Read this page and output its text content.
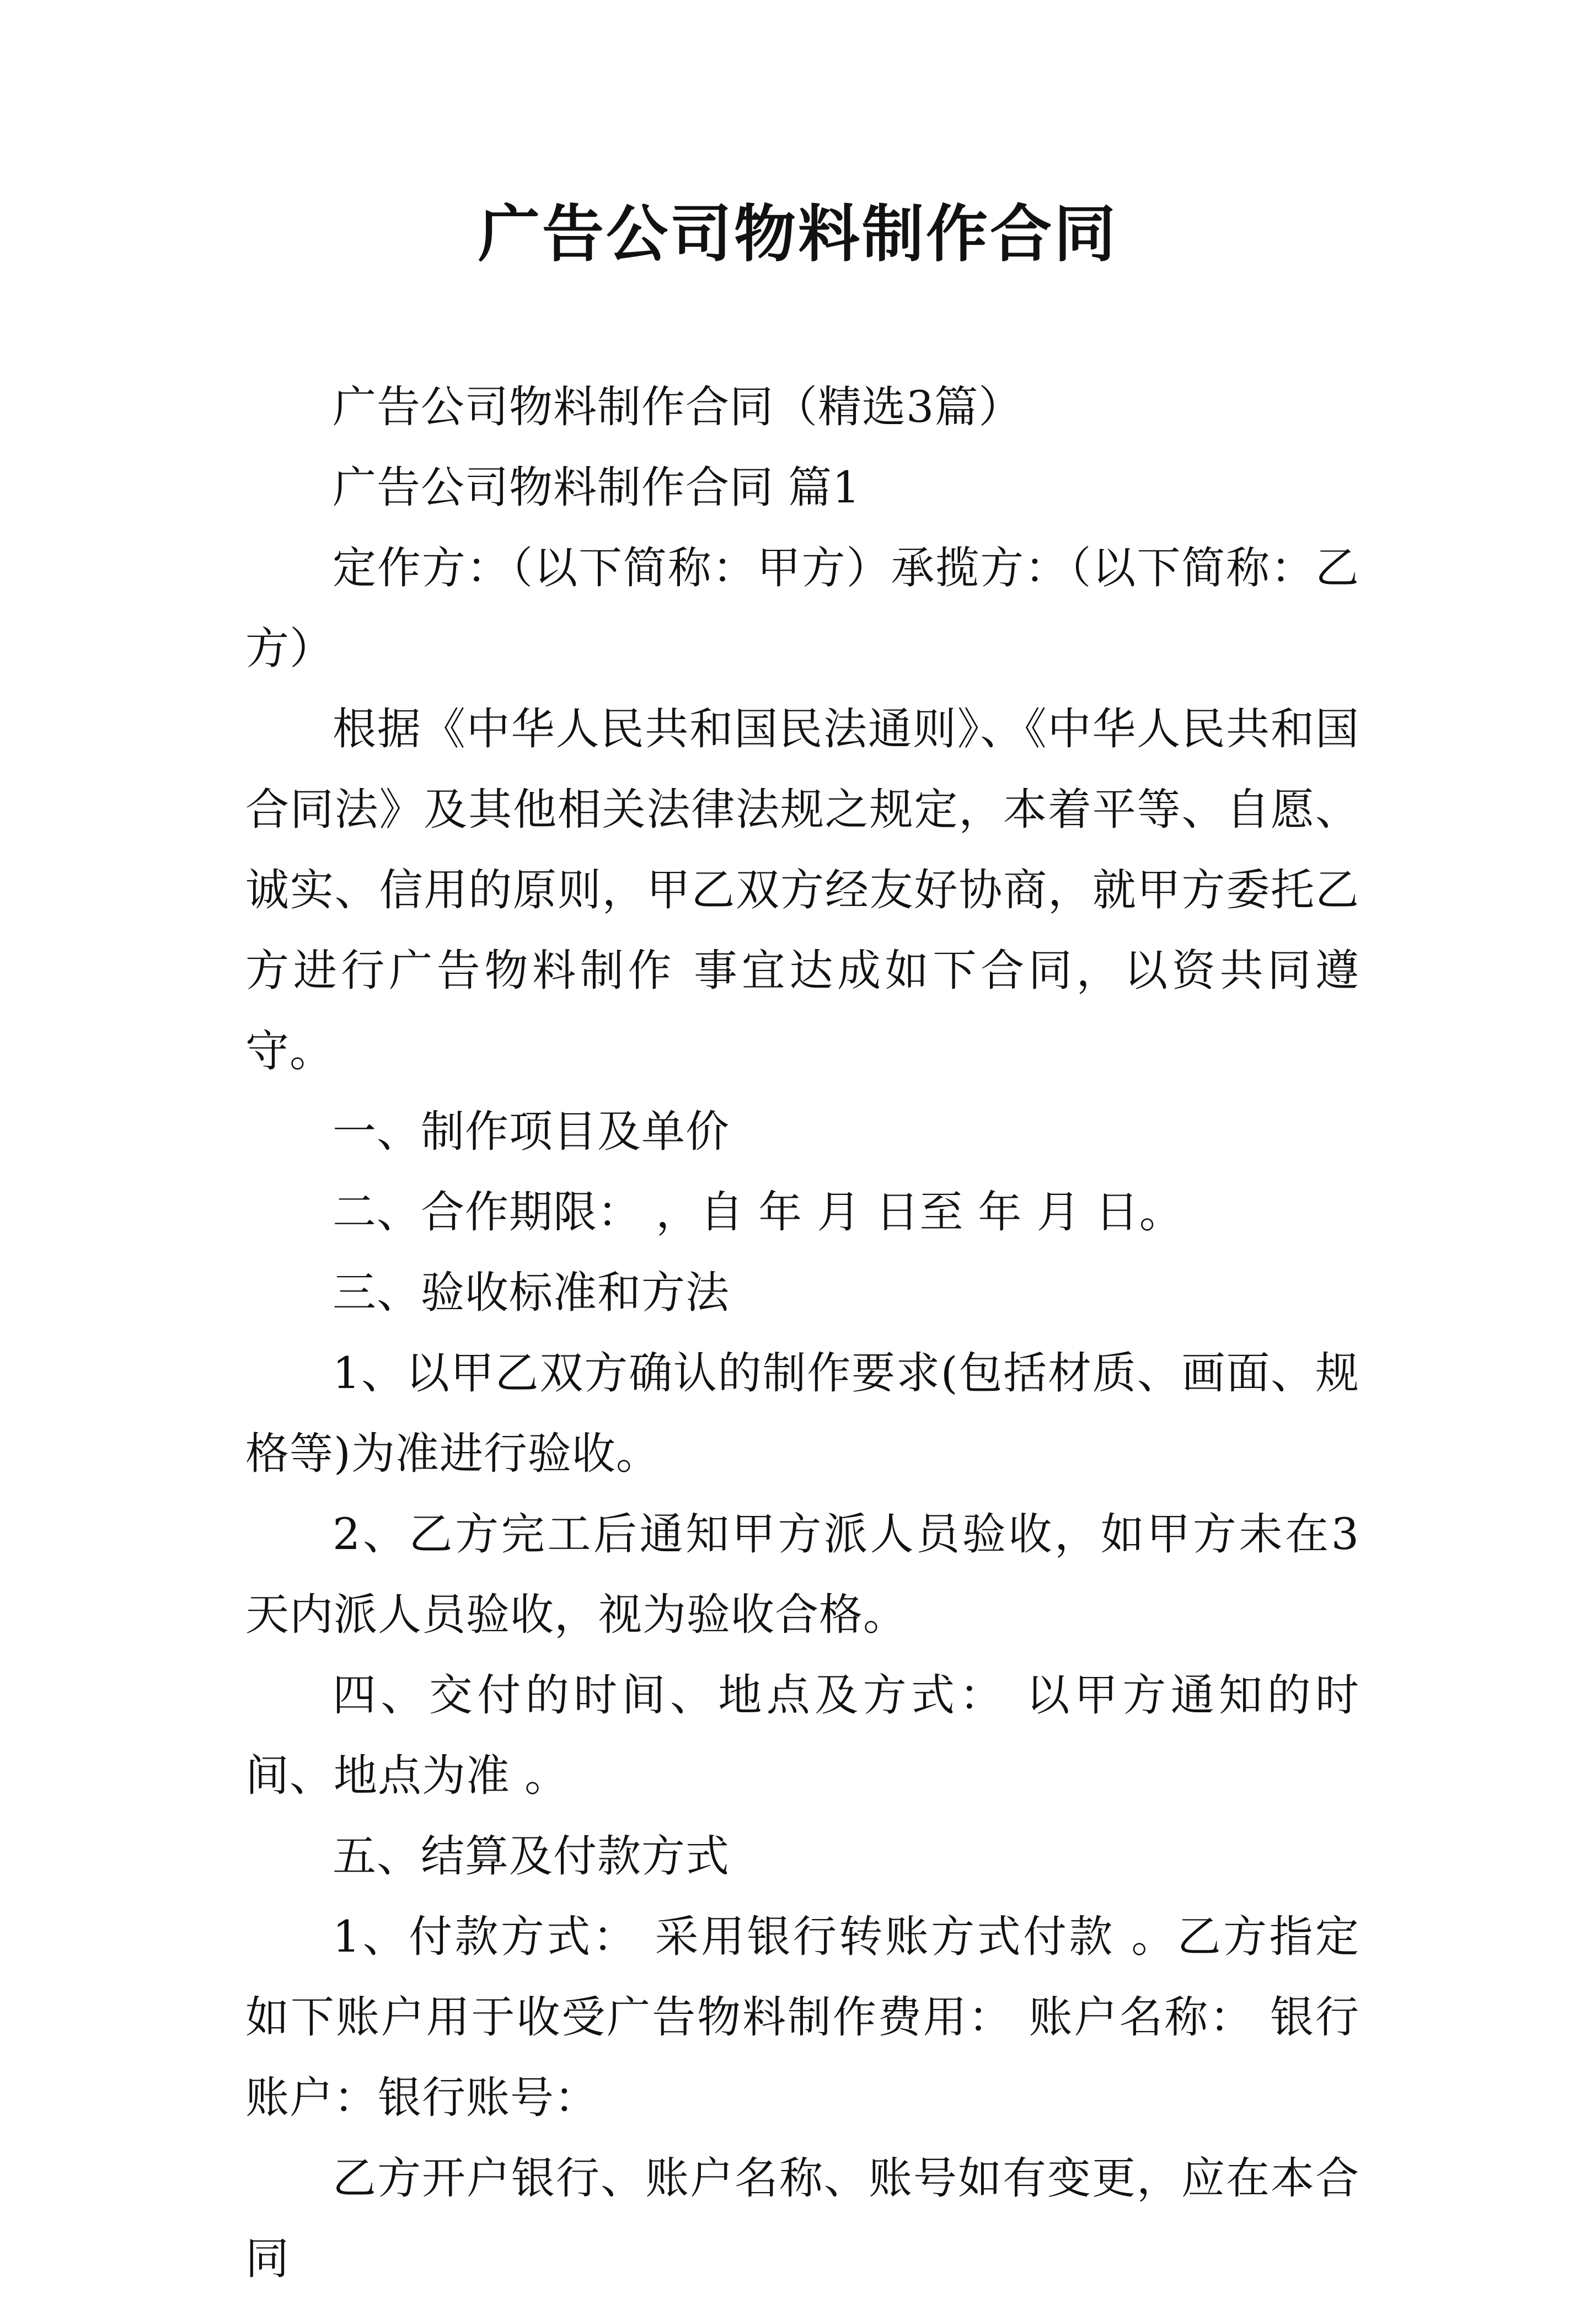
广告公司物料制作合同

广告公司物料制作合同（精选3篇）

广告公司物料制作合同 篇1

定作方：（以下简称：甲方）承揽方：（以下简称：乙方）

根据《中华人民共和国民法通则》、《中华人民共和国合同法》及其他相关法律法规之规定，本着平等、自愿、诚实、信用的原则，甲乙双方经友好协商，就甲方委托乙方进行广告物料制作 事宜达成如下合同，以资共同遵守。

一、制作项目及单价

二、合作期限： ，自 年 月 日至 年 月 日。

三、验收标准和方法

1、以甲乙双方确认的制作要求(包括材质、画面、规格等)为准进行验收。

2、乙方完工后通知甲方派人员验收，如甲方未在3天内派人员验收，视为验收合格。

四、交付的时间、地点及方式： 以甲方通知的时间、地点为准 。

五、结算及付款方式

1、付款方式： 采用银行转账方式付款 。乙方指定如下账户用于收受广告物料制作费用： 账户名称： 银行账户：银行账号：

乙方开户银行、账户名称、账号如有变更，应在本合同
